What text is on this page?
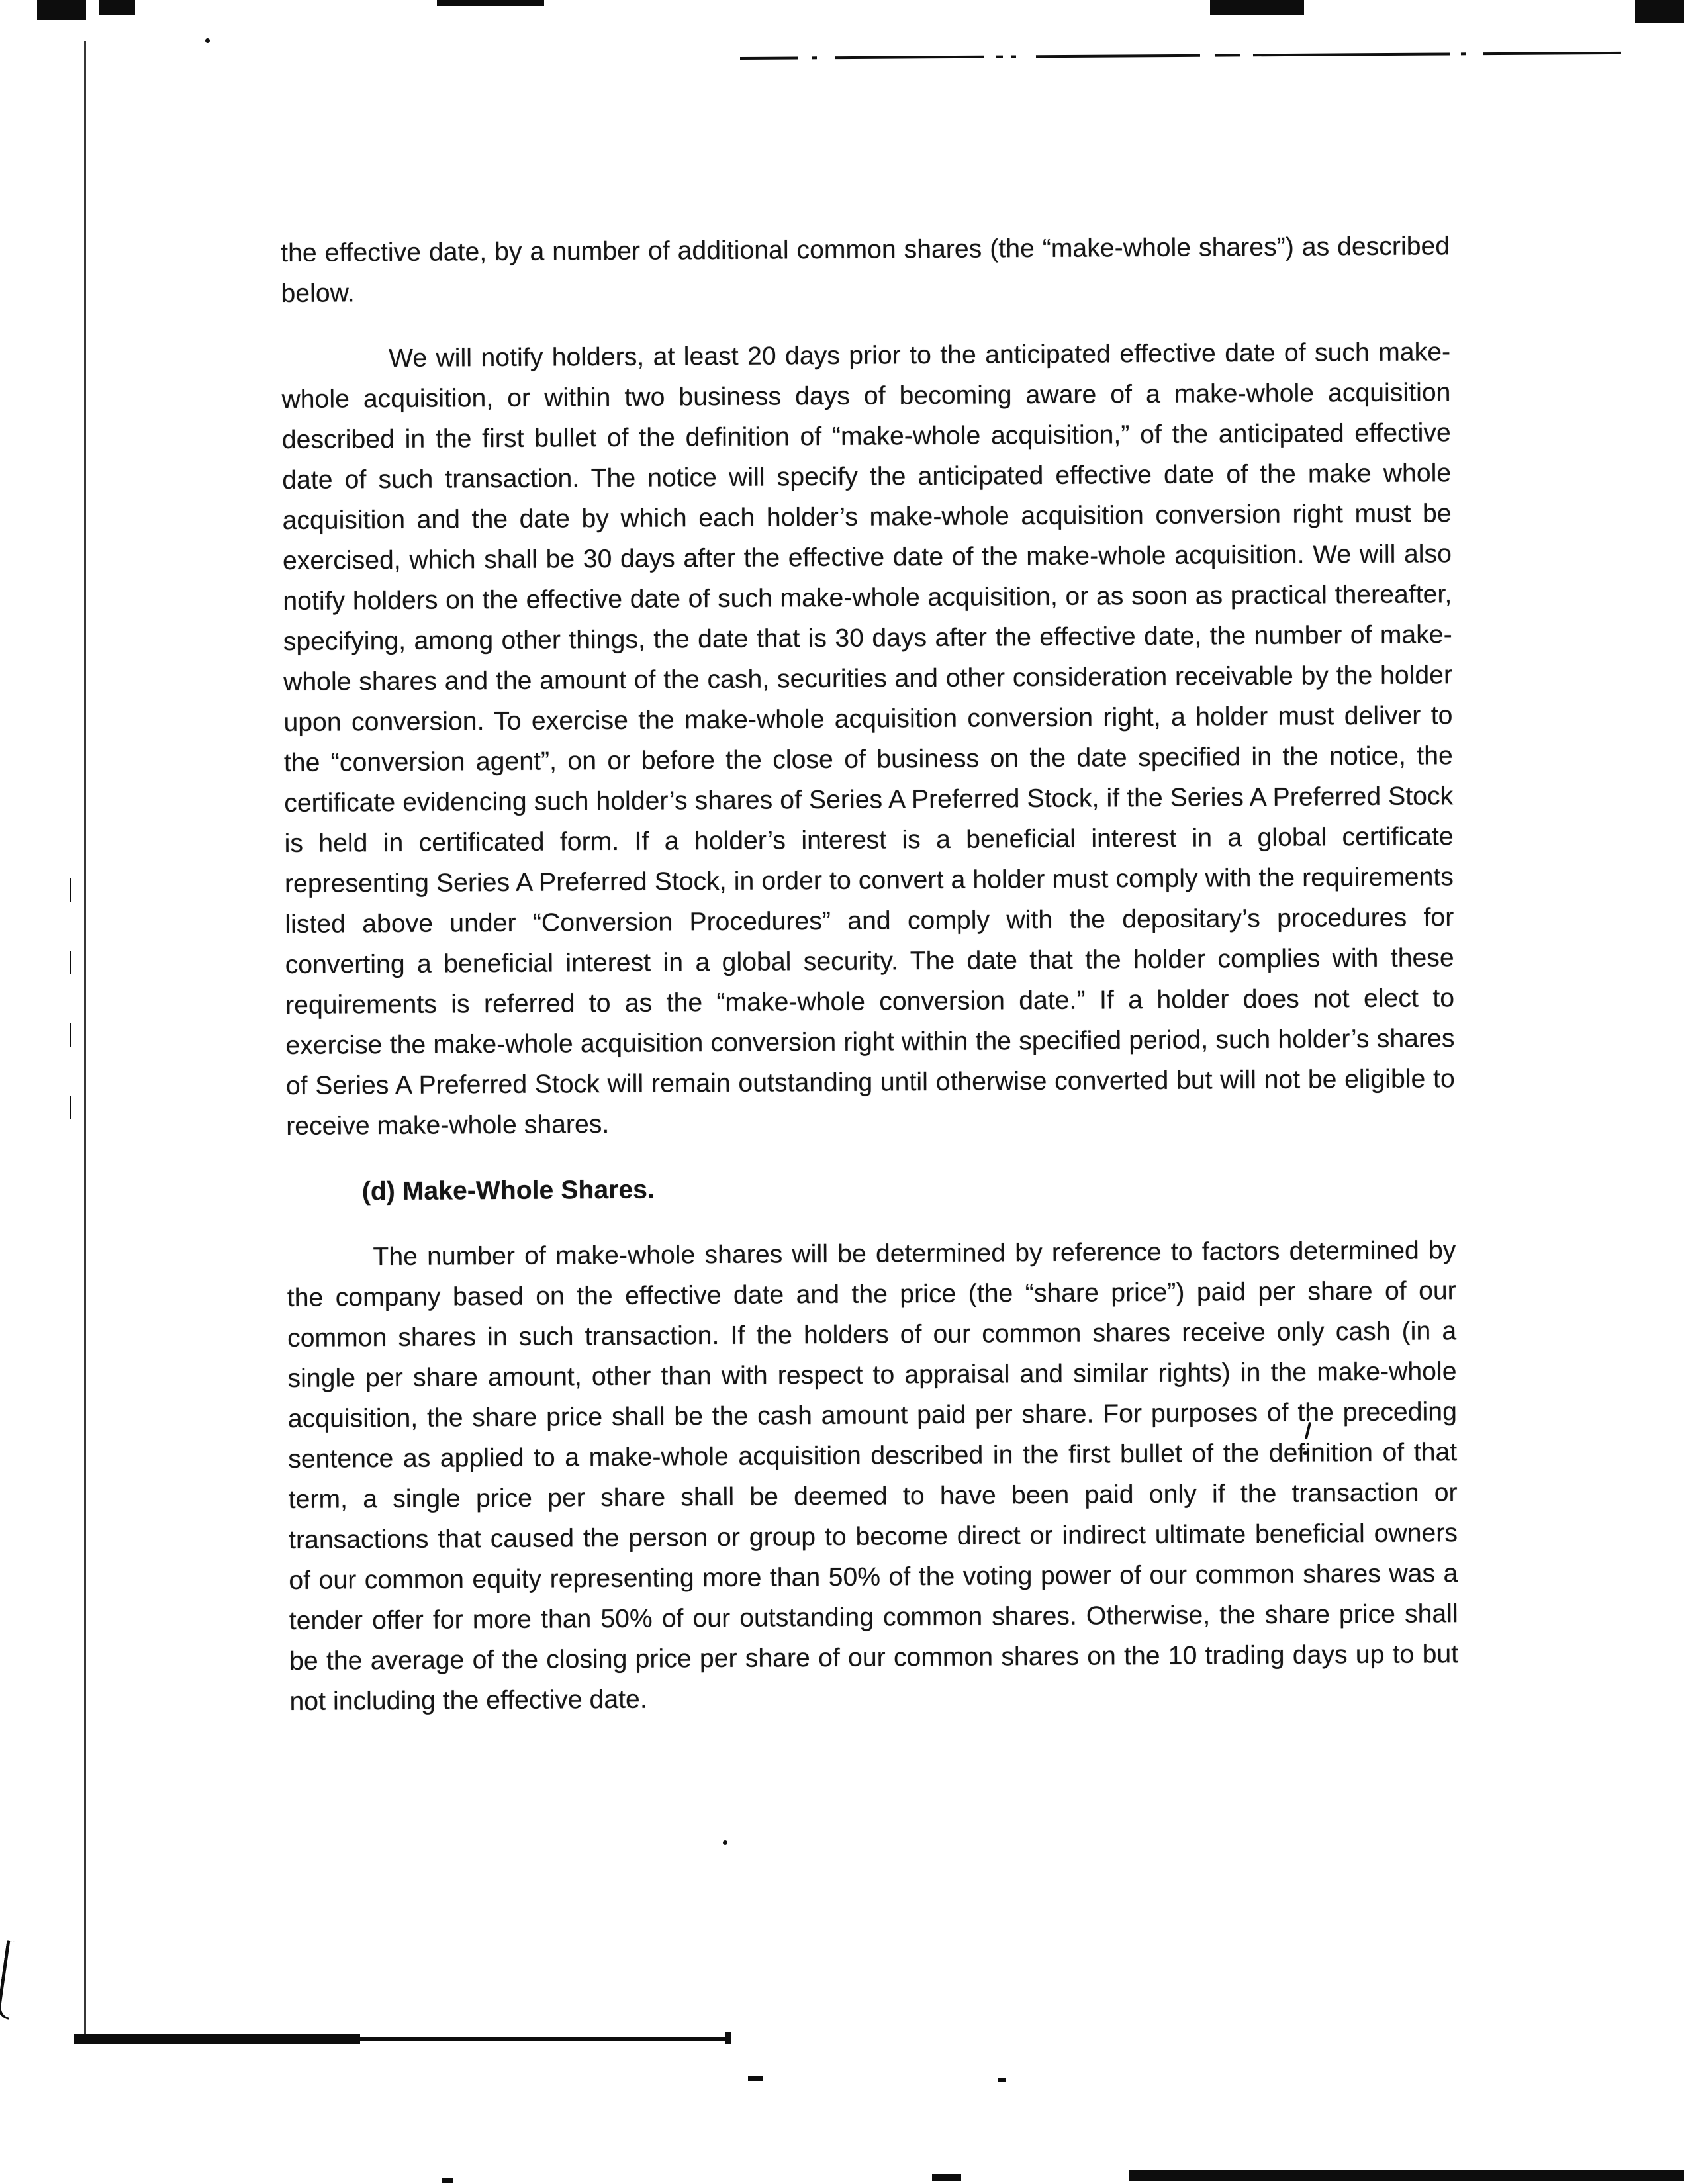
the effective date, by a number of additional common shares (the “make-whole shares”) as described below.

We will notify holders, at least 20 days prior to the anticipated effective date of such make-whole acquisition, or within two business days of becoming aware of a make-whole acquisition described in the first bullet of the definition of “make-whole acquisition,” of the anticipated effective date of such transaction. The notice will specify the anticipated effective date of the make whole acquisition and the date by which each holder’s make-whole acquisition conversion right must be exercised, which shall be 30 days after the effective date of the make-whole acquisition. We will also notify holders on the effective date of such make-whole acquisition, or as soon as practical thereafter, specifying, among other things, the date that is 30 days after the effective date, the number of make-whole shares and the amount of the cash, securities and other consideration receivable by the holder upon conversion. To exercise the make-whole acquisition conversion right, a holder must deliver to the “conversion agent”, on or before the close of business on the date specified in the notice, the certificate evidencing such holder’s shares of Series A Preferred Stock, if the Series A Preferred Stock is held in certificated form. If a holder’s interest is a beneficial interest in a global certificate representing Series A Preferred Stock, in order to convert a holder must comply with the requirements listed above under “Conversion Procedures” and comply with the depositary’s procedures for converting a beneficial interest in a global security. The date that the holder complies with these requirements is referred to as the “make-whole conversion date.” If a holder does not elect to exercise the make-whole acquisition conversion right within the specified period, such holder’s shares of Series A Preferred Stock will remain outstanding until otherwise converted but will not be eligible to receive make-whole shares.

(d) Make-Whole Shares.

The number of make-whole shares will be determined by reference to factors determined by the company based on the effective date and the price (the “share price”) paid per share of our common shares in such transaction. If the holders of our common shares receive only cash (in a single per share amount, other than with respect to appraisal and similar rights) in the make-whole acquisition, the share price shall be the cash amount paid per share. For purposes of the preceding sentence as applied to a make-whole acquisition described in the first bullet of the definition of that term, a single price per share shall be deemed to have been paid only if the transaction or transactions that caused the person or group to become direct or indirect ultimate beneficial owners of our common equity representing more than 50% of the voting power of our common shares was a tender offer for more than 50% of our outstanding common shares. Otherwise, the share price shall be the average of the closing price per share of our common shares on the 10 trading days up to but not including the effective date.
